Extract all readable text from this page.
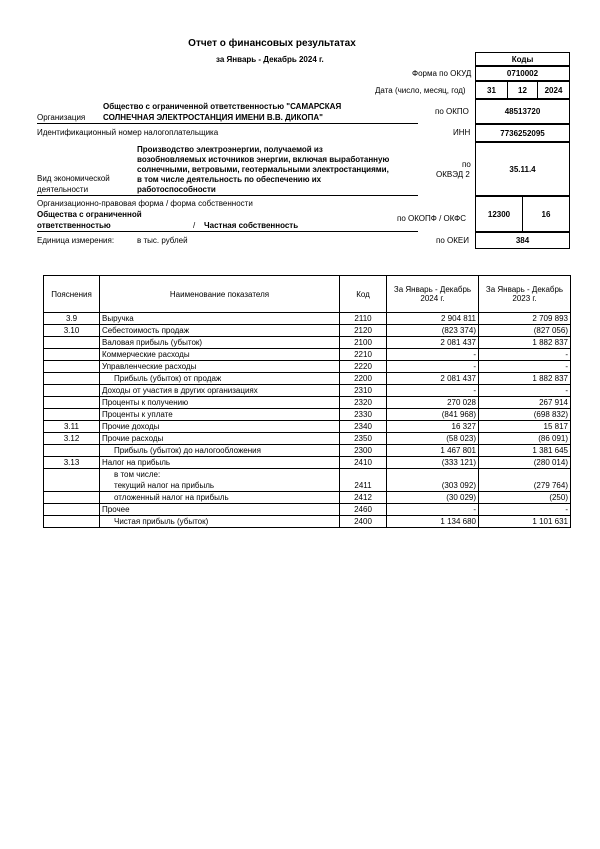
Отчет о финансовых результатах
за Январь - Декабрь 2024 г.	Коды
Форма по ОКУД	0710002
Дата (число, месяц, год)	31	12	2024
Организация
Общество с ограниченной ответственностью "САМАРСКАЯ
СОЛНЕЧНАЯ ЭЛЕКТРОСТАНЦИЯ ИМЕНИ В.В. ДИКОПА"
по ОКПО	48513720
Идентификационный номер налогоплательщика	ИНН	7736252095
Производство электроэнергии, получаемой из
возобновляемых источников энергии, включая выработанную
солнечными, ветровыми, геотермальными электростанциями,
в том числе деятельность по обеспечению их
работоспособности
Вид экономической
деятельности
по
ОКВЭД 2
35.11.4
Организационно-правовая форма / форма собственности
Общества с ограниченной
ответственностью	/ Частная собственность
по ОКОПФ / ОКФС	12300	16
Единица измерения:	в тыс. рублей	по ОКЕИ	384
Пояснения	Наименование показателя	Код	За Январь - Декабрь 2024 г.	За Январь - Декабрь 2023 г.
3.9	Выручка	2110	2 904 811	2 709 893
3.10	Себестоимость продаж	2120	(823 374)	(827 056)
	Валовая прибыль (убыток)	2100	2 081 437	1 882 837
	Коммерческие расходы	2210	-	-
	Управленческие расходы	2220	-	-
	Прибыль (убыток) от продаж	2200	2 081 437	1 882 837
	Доходы от участия в других организациях	2310	-	-
	Проценты к получению	2320	270 028	267 914
	Проценты к уплате	2330	(841 968)	(698 832)
3.11	Прочие доходы	2340	16 327	15 817
3.12	Прочие расходы	2350	(58 023)	(86 091)
	Прибыль (убыток) до налогообложения	2300	1 467 801	1 381 645
3.13	Налог на прибыль	2410	(333 121)	(280 014)
	в том числе:			
	текущий налог на прибыль	2411	(303 092)	(279 764)
	отложенный налог на прибыль	2412	(30 029)	(250)
	Прочее	2460	-	-
	Чистая прибыль (убыток)	2400	1 134 680	1 101 631
